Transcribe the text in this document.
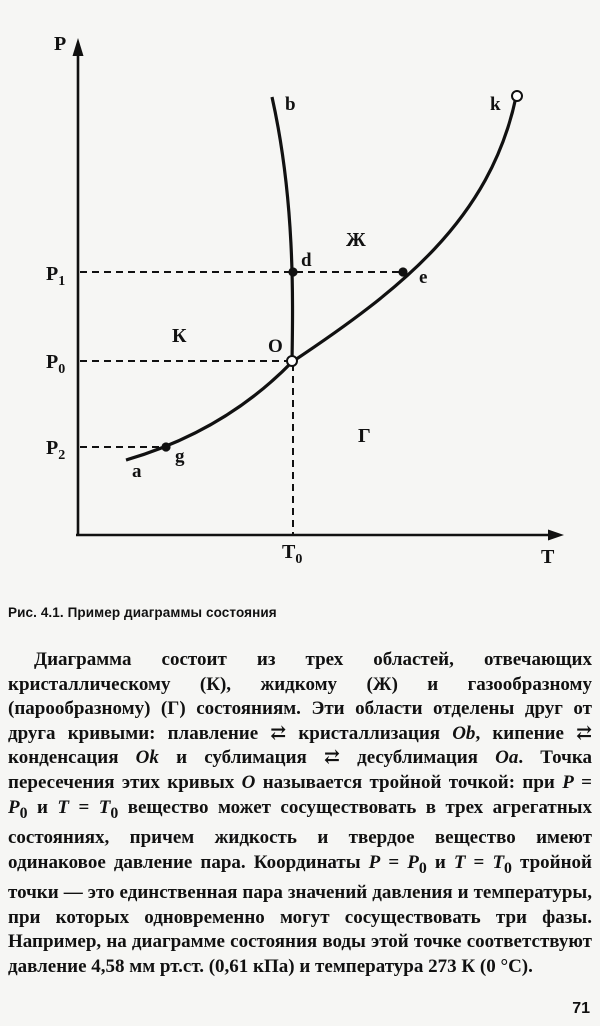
P
T
$P_1$
$P_0$
$P_2$
$T_0$
a
b	k
d
e
O
g
К
Ж
Г
Рис. 4.1. Пример диаграммы состояния
Диаграмма состоит из трех областей, отвечающих кристаллическому (К), жидкому (Ж) и газообразному (парообразному) (Г) состояниям. Эти области отделены друг от друга кривыми: плавление ⇄ кристаллизация Ob, кипение ⇄ конденсация Ok и сублимация ⇄ десублимация Oa. Точка пересечения этих кривых O называется тройной точкой: при $P = P_0$ и $T = T_0$ вещество может сосуществовать в трех агрегатных состояниях, причем жидкость и твердое вещество имеют одинаковое давление пара. Координаты $P = P_0$ и $T = T_0$ тройной точки — это единственная пара значений давления и температуры, при которых одновременно могут сосуществовать три фазы. Например, на диаграмме состояния воды этой точке соответствуют давление 4,58 мм рт.ст. (0,61 кПа) и температура 273 К (0 °С).
71
